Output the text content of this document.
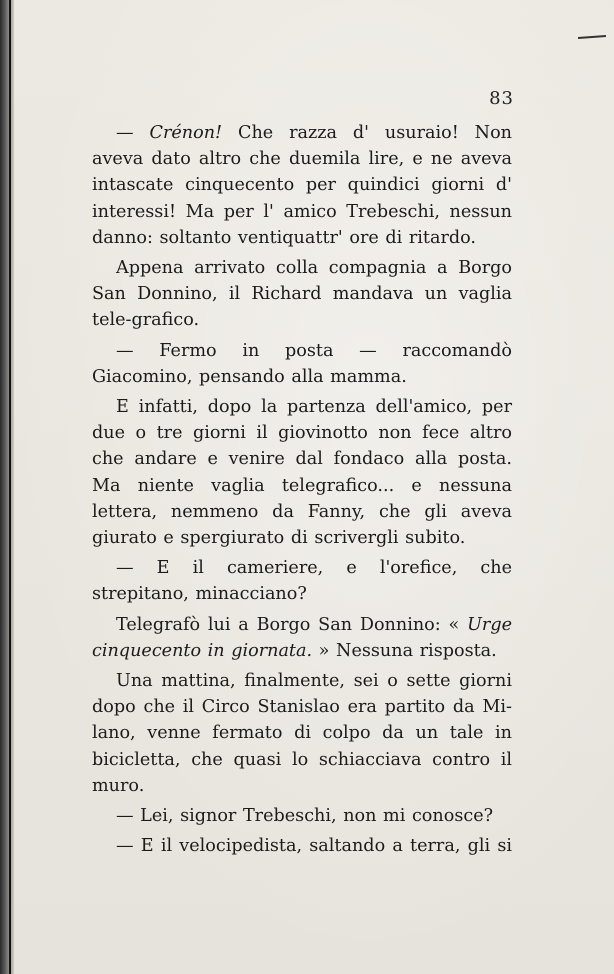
83

— Crénon! Che razza d' usuraio! Non aveva dato altro che duemila lire, e ne aveva intascate cinquecento per quindici giorni d' interessi! Ma per l' amico Trebeschi, nessun danno: soltanto ventiquattr' ore di ritardo.

Appena arrivato colla compagnia a Borgo San Donnino, il Richard mandava un vaglia tele-grafico.

— Fermo in posta — raccomandò Giacomino, pensando alla mamma.

E infatti, dopo la partenza dell'amico, per due o tre giorni il giovinotto non fece altro che andare e venire dal fondaco alla posta. Ma niente vaglia telegrafico... e nessuna lettera, nemmeno da Fanny, che gli aveva giurato e spergiurato di scrivergli subito.

— E il cameriere, e l'orefice, che strepitano, minacciano?

Telegrafò lui a Borgo San Donnino: « Urge cinquecento in giornata. » Nessuna risposta.

Una mattina, finalmente, sei o sette giorni dopo che il Circo Stanislao era partito da Mi-lano, venne fermato di colpo da un tale in bicicletta, che quasi lo schiacciava contro il muro.

— Lei, signor Trebeschi, non mi conosce?

— E il velocipedista, saltando a terra, gli si
